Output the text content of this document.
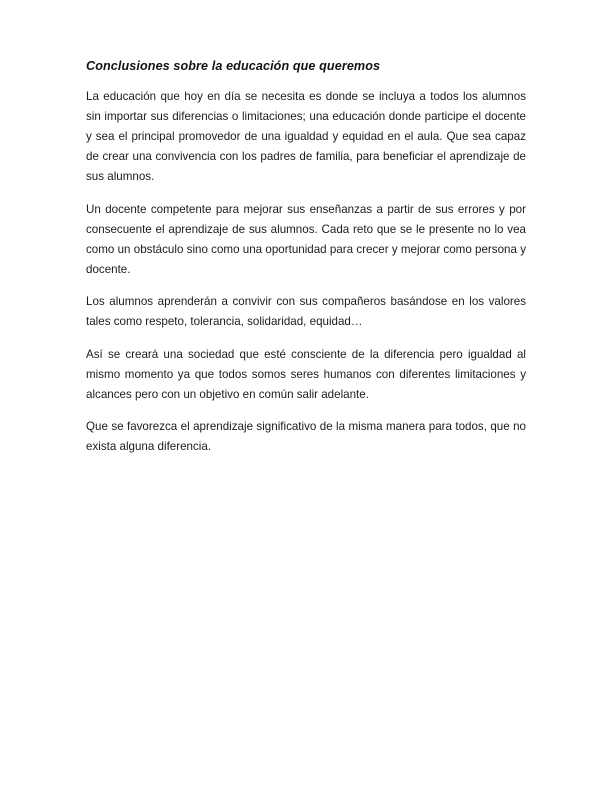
Conclusiones sobre la educación que queremos

La educación que hoy en día se necesita es donde se incluya a todos los alumnos sin importar sus diferencias o limitaciones; una educación donde participe el docente y sea el principal promovedor de una igualdad y equidad en el aula. Que sea capaz de crear una convivencia con los padres de familia, para beneficiar el aprendizaje de sus alumnos.

Un docente competente para mejorar sus enseñanzas a partir de sus errores y por consecuente el aprendizaje de sus alumnos. Cada reto que se le presente no lo vea como un obstáculo sino como una oportunidad para crecer y mejorar como persona y docente.

Los alumnos aprenderán a convivir con sus compañeros basándose en los valores tales como respeto, tolerancia, solidaridad, equidad…

Así se creará una sociedad que esté consciente de la diferencia pero igualdad al mismo momento ya que todos somos seres humanos con diferentes limitaciones y alcances pero con un objetivo en común salir adelante.

Que se favorezca el aprendizaje significativo de la misma manera para todos, que no exista alguna diferencia.
